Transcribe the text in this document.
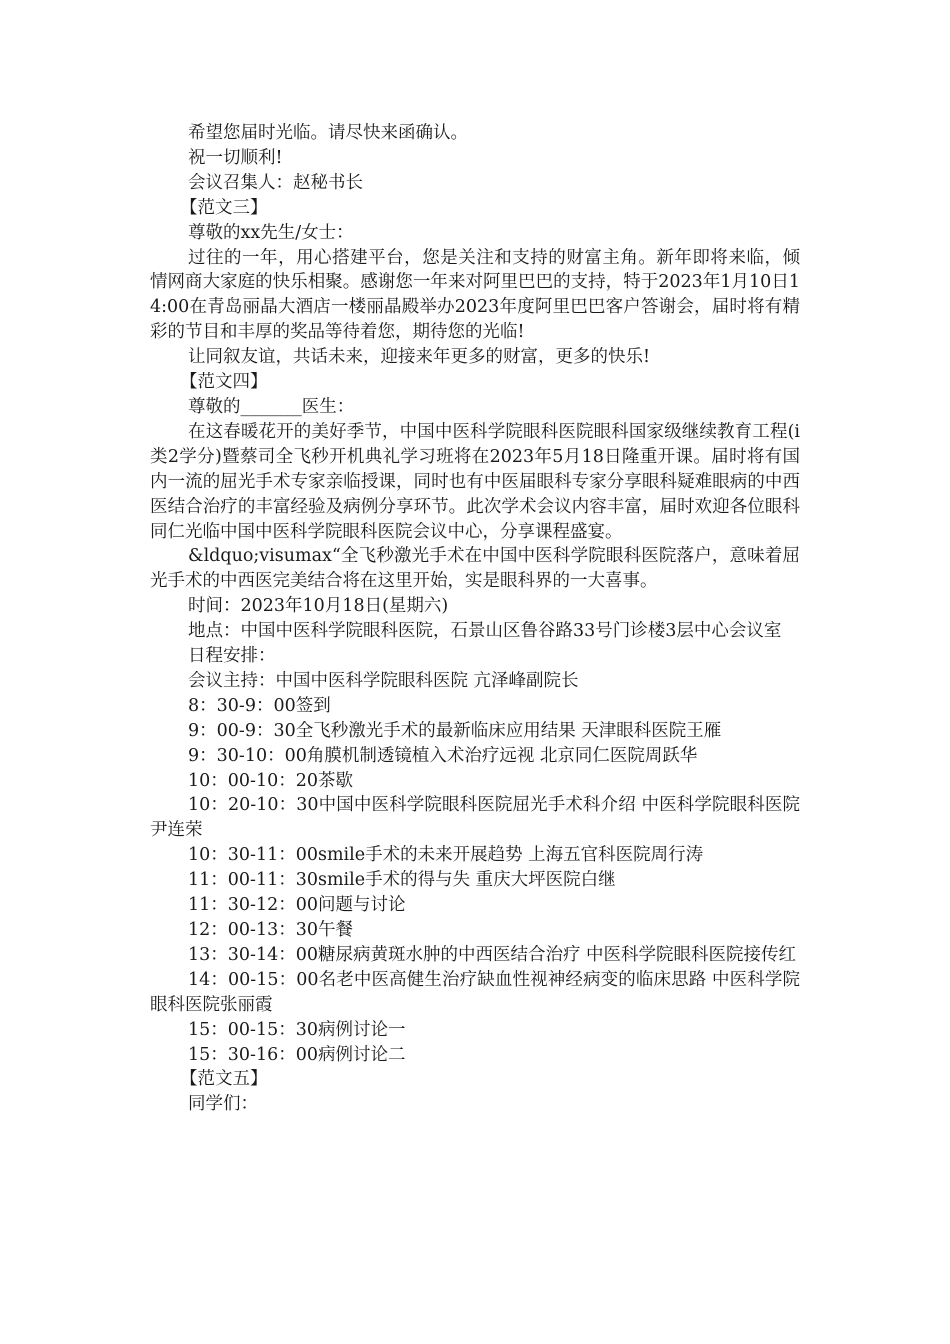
希望您届时光临。请尽快来函确认。

祝一切顺利!

会议召集人：赵秘书长

【范文三】

尊敬的xx先生/女士：

过往的一年，用心搭建平台，您是关注和支持的财富主角。新年即将来临，倾情网商大家庭的快乐相聚。感谢您一年来对阿里巴巴的支持，特于2023年1月10日14:00在青岛丽晶大酒店一楼丽晶殿举办2023年度阿里巴巴客户答谢会，届时将有精彩的节目和丰厚的奖品等待着您，期待您的光临!

让同叙友谊，共话未来，迎接来年更多的财富，更多的快乐!

【范文四】

尊敬的_______医生：

在这春暖花开的美好季节，中国中医科学院眼科医院眼科国家级继续教育工程(i类2学分)暨蔡司全飞秒开机典礼学习班将在2023年5月18日隆重开课。届时将有国内一流的屈光手术专家亲临授课，同时也有中医届眼科专家分享眼科疑难眼病的中西医结合治疗的丰富经验及病例分享环节。此次学术会议内容丰富，届时欢迎各位眼科同仁光临中国中医科学院眼科医院会议中心，分享课程盛宴。

&ldquo;visumax“全飞秒激光手术在中国中医科学院眼科医院落户，意味着屈光手术的中西医完美结合将在这里开始，实是眼科界的一大喜事。

时间：2023年10月18日(星期六)

地点：中国中医科学院眼科医院，石景山区鲁谷路33号门诊楼3层中心会议室

日程安排：

会议主持：中国中医科学院眼科医院 亢泽峰副院长

8：30-9：00签到

9：00-9：30全飞秒激光手术的最新临床应用结果 天津眼科医院王雁

9：30-10：00角膜机制透镜植入术治疗远视 北京同仁医院周跃华

10：00-10：20茶歇

10：20-10：30中国中医科学院眼科医院屈光手术科介绍 中医科学院眼科医院尹连荣

10：30-11：00smile手术的未来开展趋势 上海五官科医院周行涛

11：00-11：30smile手术的得与失 重庆大坪医院白继

11：30-12：00问题与讨论

12：00-13：30午餐

13：30-14：00糖尿病黄斑水肿的中西医结合治疗 中医科学院眼科医院接传红

14：00-15：00名老中医高健生治疗缺血性视神经病变的临床思路 中医科学院眼科医院张丽霞

15：00-15：30病例讨论一

15：30-16：00病例讨论二

【范文五】

同学们：
